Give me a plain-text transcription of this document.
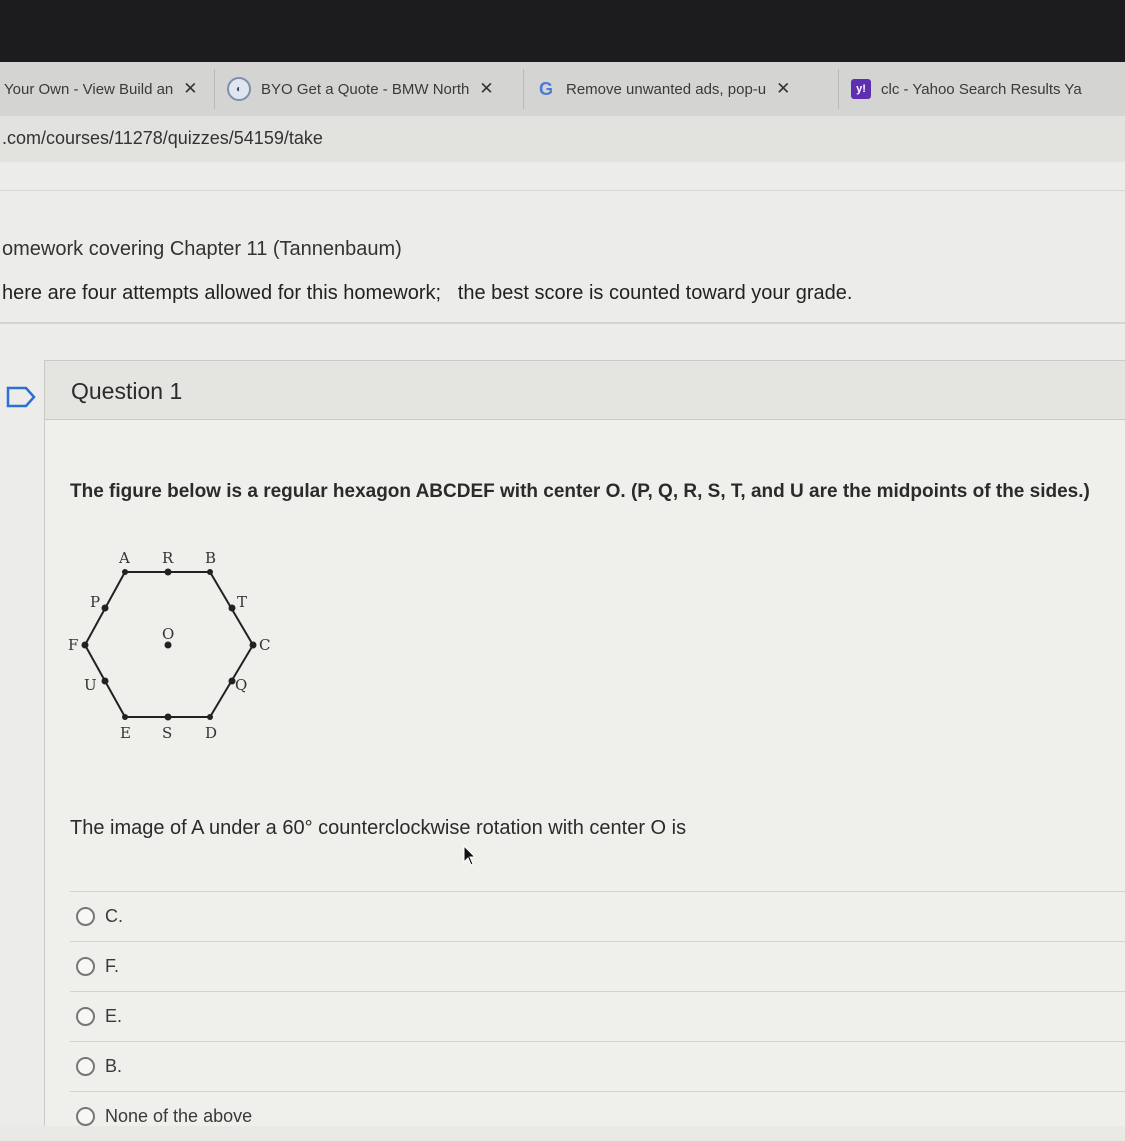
Your Own - View Build an ✕	◐	BYO Get a Quote - BMW North ✕	G Remove unwanted ads, pop-u ✕	y!	clc - Yahoo Search Results Ya
.com/courses/11278/quizzes/54159/take
omework covering Chapter 11 (Tannenbaum)
here are four attempts allowed for this homework;   the best score is counted toward your grade.
Question 1
The figure below is a regular hexagon ABCDEF with center O. (P, Q, R, S, T, and U are the midpoints of the sides.)
A R B
P	T
O
F	C
U	Q
E S D
The image of A under a 60° counterclockwise rotation with center O is
C.
F.
E.
B.
None of the above
